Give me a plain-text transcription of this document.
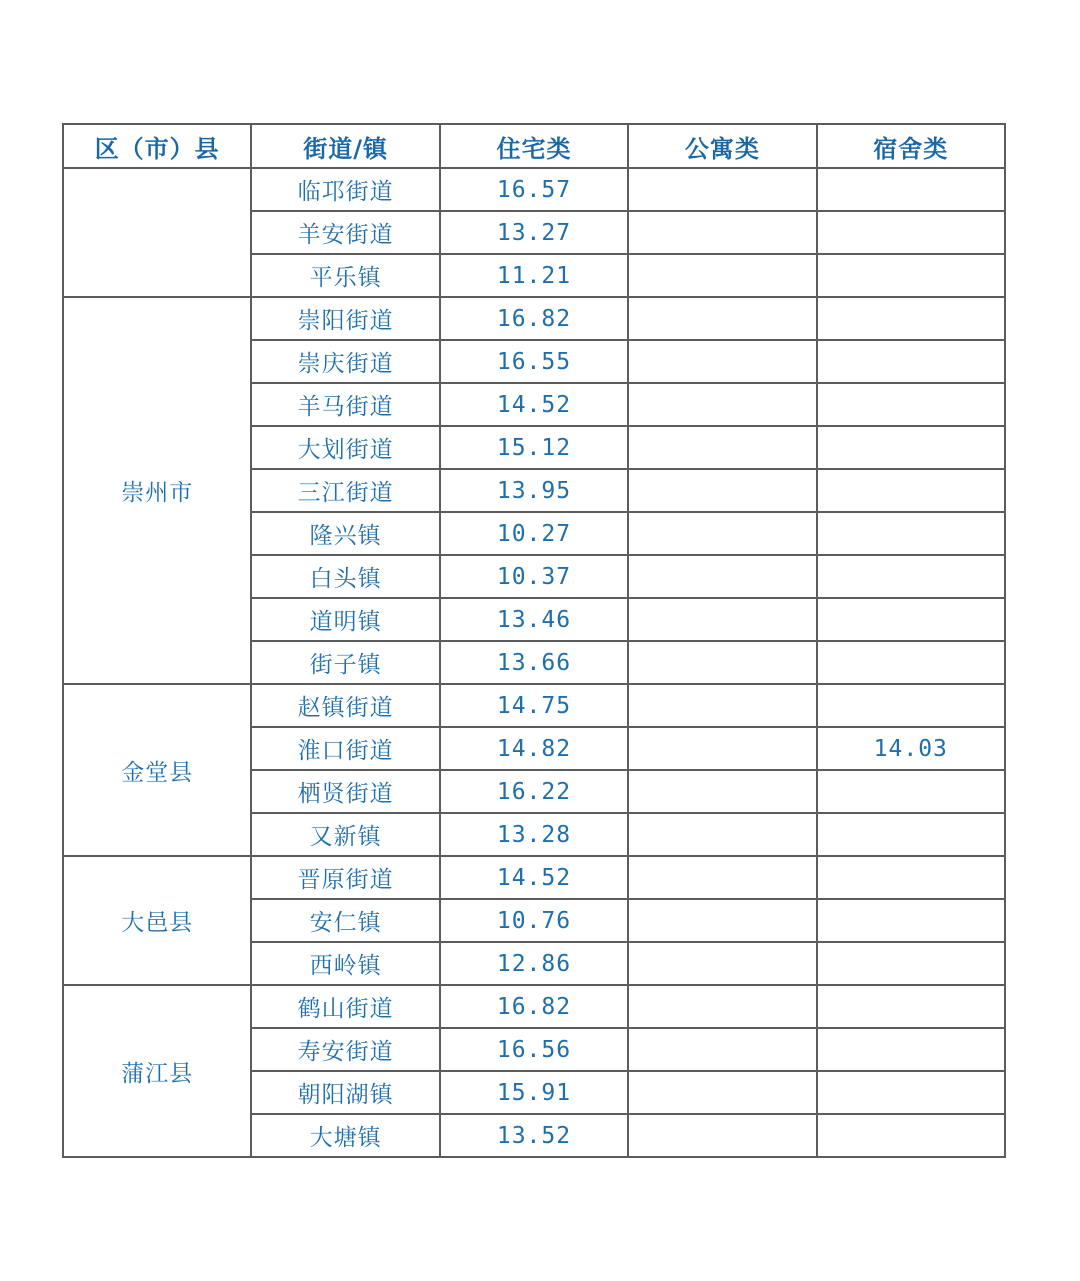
区（市）县	街道/镇	住宅类	公寓类	宿舍类
	临邛街道	16.57		
	羊安街道	13.27		
	平乐镇	11.21		
崇州市	崇阳街道	16.82		
	崇庆街道	16.55		
	羊马街道	14.52		
	大划街道	15.12		
	三江街道	13.95		
	隆兴镇	10.27		
	白头镇	10.37		
	道明镇	13.46		
	街子镇	13.66		
金堂县	赵镇街道	14.75		
	淮口街道	14.82		14.03
	栖贤街道	16.22		
	又新镇	13.28		
大邑县	晋原街道	14.52		
	安仁镇	10.76		
	西岭镇	12.86		
蒲江县	鹤山街道	16.82		
	寿安街道	16.56		
	朝阳湖镇	15.91		
	大塘镇	13.52		
